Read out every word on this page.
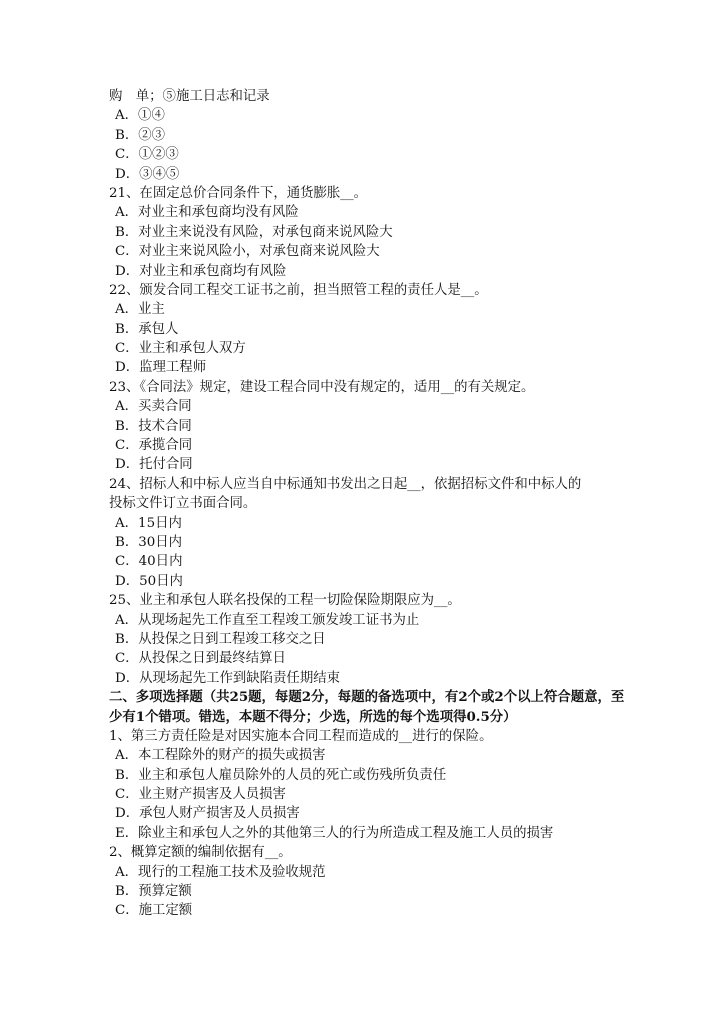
购　单；⑤施工日志和记录
A．①④
B．②③
C．①②③
D．③④⑤
21、在固定总价合同条件下，通货膨胀__。
A．对业主和承包商均没有风险
B．对业主来说没有风险，对承包商来说风险大
C．对业主来说风险小，对承包商来说风险大
D．对业主和承包商均有风险
22、颁发合同工程交工证书之前，担当照管工程的责任人是__。
A．业主
B．承包人
C．业主和承包人双方
D．监理工程师
23、《合同法》规定，建设工程合同中没有规定的，适用__的有关规定。
A．买卖合同
B．技术合同
C．承揽合同
D．托付合同
24、招标人和中标人应当自中标通知书发出之日起__，依据招标文件和中标人的
投标文件订立书面合同。
A．15日内
B．30日内
C．40日内
D．50日内
25、业主和承包人联名投保的工程一切险保险期限应为__。
A．从现场起先工作直至工程竣工颁发竣工证书为止
B．从投保之日到工程竣工移交之日
C．从投保之日到最终结算日
D．从现场起先工作到缺陷责任期结束
二、多项选择题（共25题，每题2分，每题的备选项中，有2个或2个以上符合题意，至少有1个错项。错选，本题不得分；少选，所选的每个选项得0.5分）
1、第三方责任险是对因实施本合同工程而造成的__进行的保险。
A．本工程除外的财产的损失或损害
B．业主和承包人雇员除外的人员的死亡或伤残所负责任
C．业主财产损害及人员损害
D．承包人财产损害及人员损害
E．除业主和承包人之外的其他第三人的行为所造成工程及施工人员的损害
2、概算定额的编制依据有__。
A．现行的工程施工技术及验收规范
B．预算定额
C．施工定额
